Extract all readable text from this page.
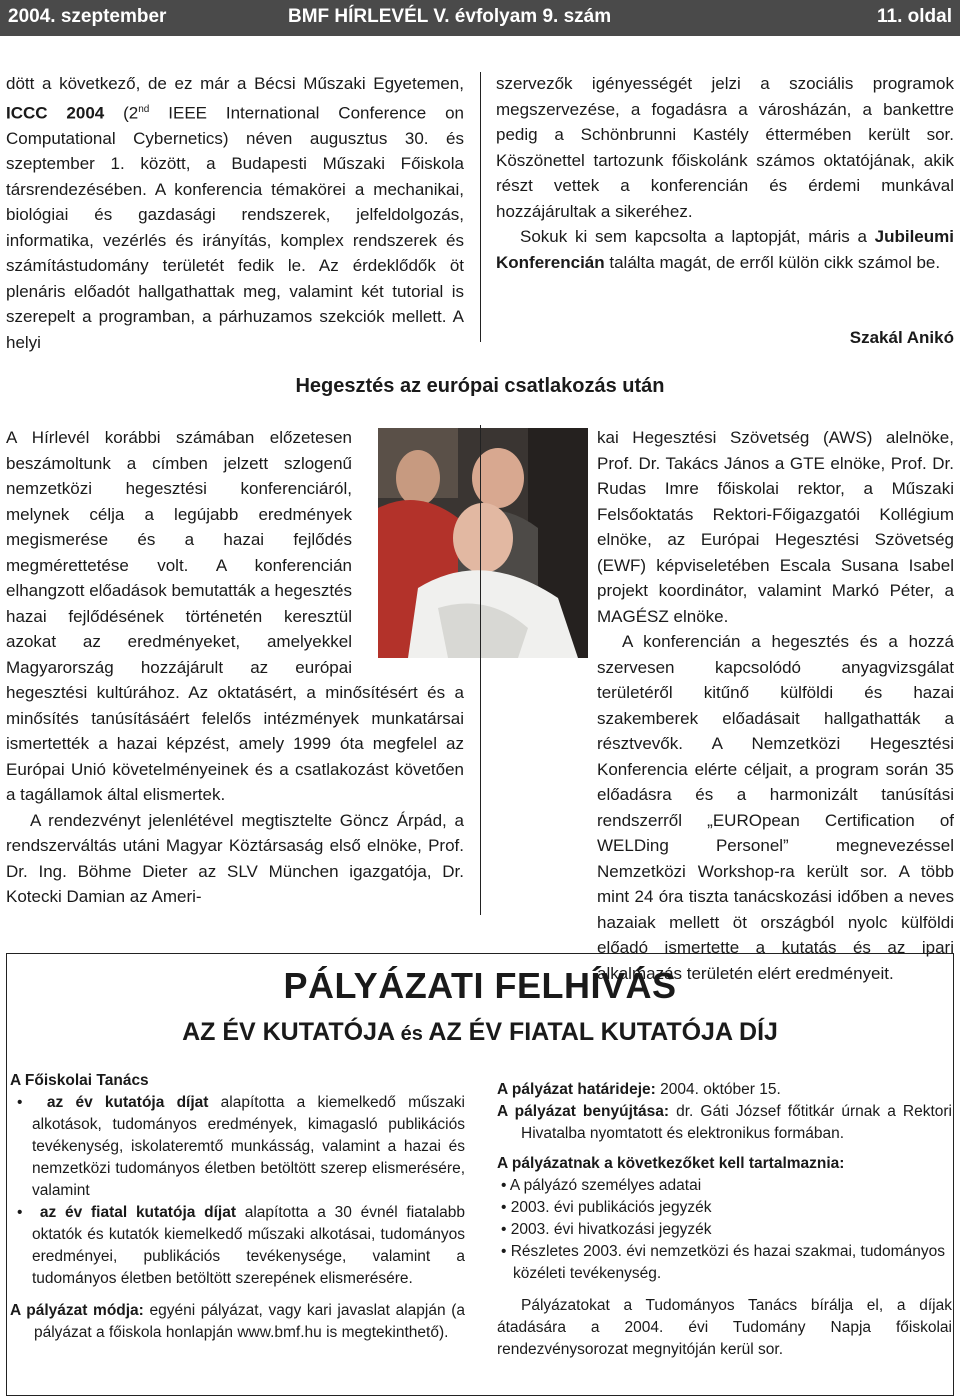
2004. szeptember	BMF HÍRLEVÉL V. évfolyam 9. szám	11. oldal

dött a következő, de ez már a Bécsi Műszaki Egyetemen, ICCC 2004 (2nd IEEE International Conference on Computational Cybernetics) néven augusztus 30. és szeptember 1. között, a Budapesti Műszaki Főiskola társrendezésében. A konferencia témakörei a mechanikai, biológiai és gazdasági rendszerek, jelfeldolgozás, informatika, vezérlés és irányítás, komplex rendszerek és számítástudomány területét fedik le. Az érdeklődők öt plenáris előadót hallgathattak meg, valamint két tutorial is szerepelt a programban, a párhuzamos szekciók mellett. A helyi

szervezők igényességét jelzi a szociális programok megszervezése, a fogadásra a városházán, a bankettre pedig a Schönbrunni Kastély éttermében került sor. Köszönettel tartozunk főiskolánk számos oktatójának, akik részt vettek a konferencián és érdemi munkával hozzájárultak a sikeréhez.

Sokuk ki sem kapcsolta a laptopját, máris a Jubileumi Konferencián találta magát, de erről külön cikk számol be.

Szakál Anikó
Hegesztés az európai csatlakozás után

A Hírlevél korábbi számában előzetesen beszámoltunk a címben jelzett szlogenű nemzetközi hegesztési konferenciáról, melynek célja a legújabb eredmények megismerése és a hazai fejlődés megmérettetése volt. A konferencián elhangzott előadások bemutatták a hegesztés hazai fejlődésének történetén keresztül azokat az eredményeket, amelyekkel Magyarország hozzájárult az európai hegesztési kultúrához. Az oktatásért, a minősítésért és a minősítés tanúsításáért felelős intézmények munkatársai ismertették a hazai képzést, amely 1999 óta megfelel az Európai Unió követelményeinek és a csatlakozást követően a tagállamok által elismertek.

A rendezvényt jelenlétével megtisztelte Göncz Árpád, a rendszerváltás utáni Magyar Köztársaság első elnöke, Prof. Dr. Ing. Böhme Dieter az SLV München igazgatója, Dr. Kotecki Damian az Ameri-

kai Hegesztési Szövetség (AWS) alelnöke, Prof. Dr. Takács János a GTE elnöke, Prof. Dr. Rudas Imre főiskolai rektor, a Műszaki Felsőoktatás Rektori-Főigazgatói Kollégium elnöke, az Európai Hegesztési Szövetség (EWF) képviseletében Escala Susana Isabel projekt koordinátor, valamint Markó Péter, a MAGÉSZ elnöke.

A konferencián a hegesztés és a hozzá szervesen kapcsolódó anyagvizsgálat területéről kitűnő külföldi és hazai szakemberek előadásait hallgathatták a résztvevők. A Nemzetközi Hegesztési Konferencia elérte céljait, a program során 35 előadásra és a harmonizált tanúsítási rendszerről „EUROpean Certification of WELDing Personel” megnevezéssel Nemzetközi Workshop-ra került sor. A több mint 24 óra tiszta tanácskozási időben a neves hazaiak mellett öt országból nyolc külföldi előadó ismertette a kutatás és az ipari alkalmazás területén elért eredményeit.

PÁLYÁZATI FELHÍVÁS
AZ ÉV KUTATÓJA és AZ ÉV FIATAL KUTATÓJA DÍJ

A Főiskolai Tanács

•  az év kutatója díjat alapította a kiemelkedő műszaki alkotások, tudományos eredmények, kimagasló publikációs tevékenység, iskolateremtő munkásság, valamint a hazai és nemzetközi tudományos életben betöltött szerep elismerésére, valamint

•  az év fiatal kutatója díjat alapította a 30 évnél fiatalabb oktatók és kutatók kiemelkedő műszaki alkotásai, tudományos eredményei, publikációs tevékenysége, valamint a tudományos életben betöltött szerepének elismerésére.

A pályázat módja: egyéni pályázat, vagy kari javaslat alapján (a pályázat a főiskola honlapján www.bmf.hu is megtekinthető).

A pályázat határideje: 2004. október 15.

A pályázat benyújtása: dr. Gáti József főtitkár úrnak a Rektori Hivatalba nyomtatott és elektronikus formában.

A pályázatnak a következőket kell tartalmaznia:

• A pályázó személyes adatai

• 2003. évi publikációs jegyzék

• 2003. évi hivatkozási jegyzék

• Részletes 2003. évi nemzetközi és hazai szakmai, tudományos közéleti tevékenység.

Pályázatokat a Tudományos Tanács bírálja el, a díjak átadására a 2004. évi Tudomány Napja főiskolai rendezvénysorozat megnyitóján kerül sor.
